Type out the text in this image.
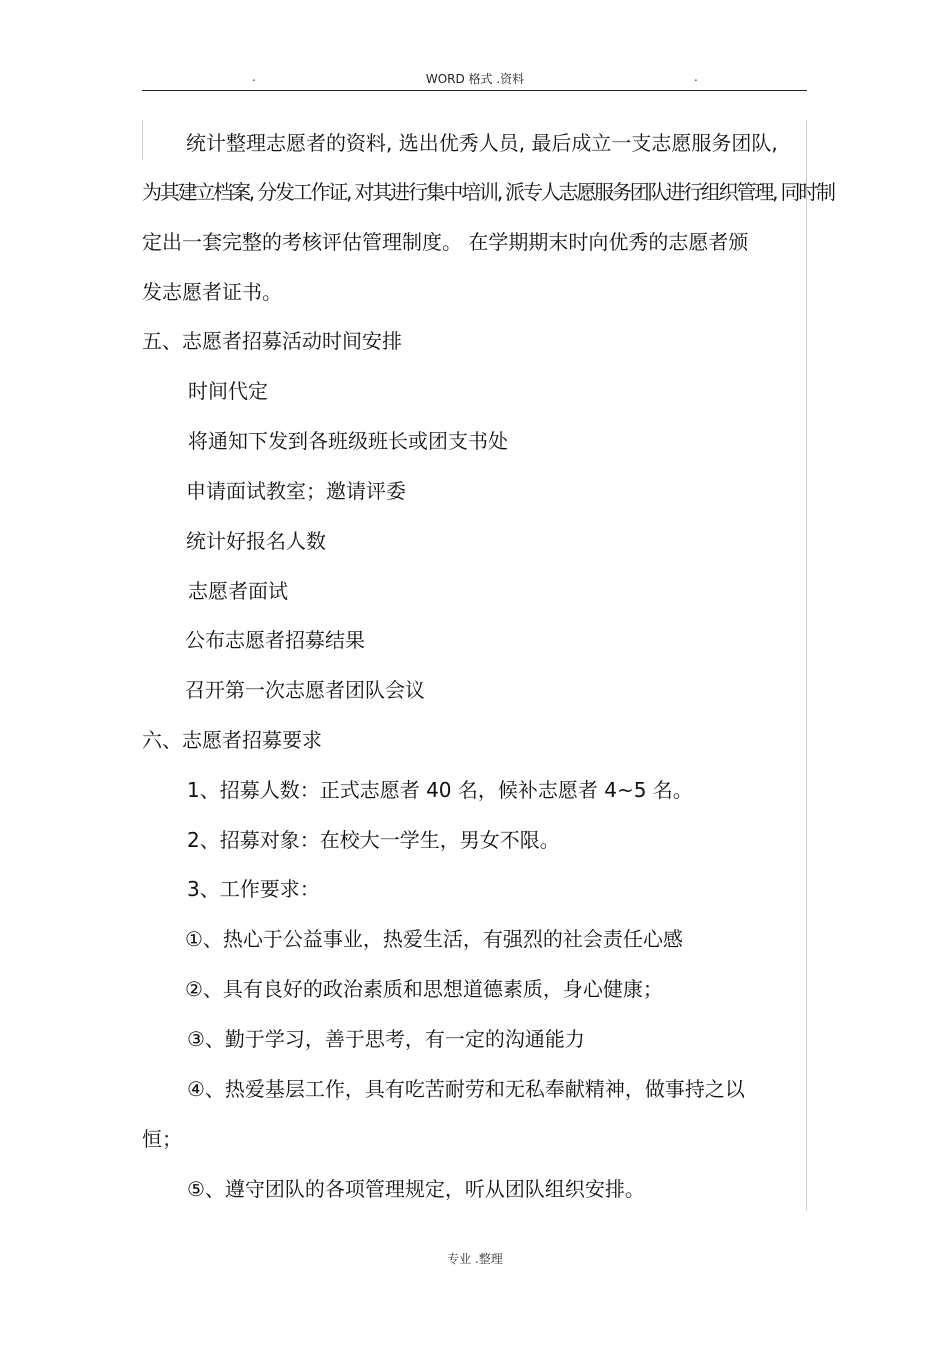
.	WORD 格式 .资料	.
统计整理志愿者的资料, 选出优秀人员, 最后成立一支志愿服务团队,
为其建立档案, 分发工作证, 对其进行集中培训, 派专人志愿服务团队进行组织管理, 同时制
定出一套完整的考核评估管理制度。 在学期期末时向优秀的志愿者颁
发志愿者证书。
五、志愿者招募活动时间安排
时间代定
将通知下发到各班级班长或团支书处
申请面试教室；邀请评委
统计好报名人数
志愿者面试
公布志愿者招募结果
召开第一次志愿者团队会议
六、志愿者招募要求
1、招募人数：正式志愿者 40 名，候补志愿者 4~5 名。
2、招募对象：在校大一学生，男女不限。
3、工作要求：
①、热心于公益事业，热爱生活，有强烈的社会责任心感
②、具有良好的政治素质和思想道德素质，身心健康；
③、勤于学习，善于思考，有一定的沟通能力
④、热爱基层工作，具有吃苦耐劳和无私奉献精神，做事持之以
恒；
⑤、遵守团队的各项管理规定，听从团队组织安排。
专业 .整理
